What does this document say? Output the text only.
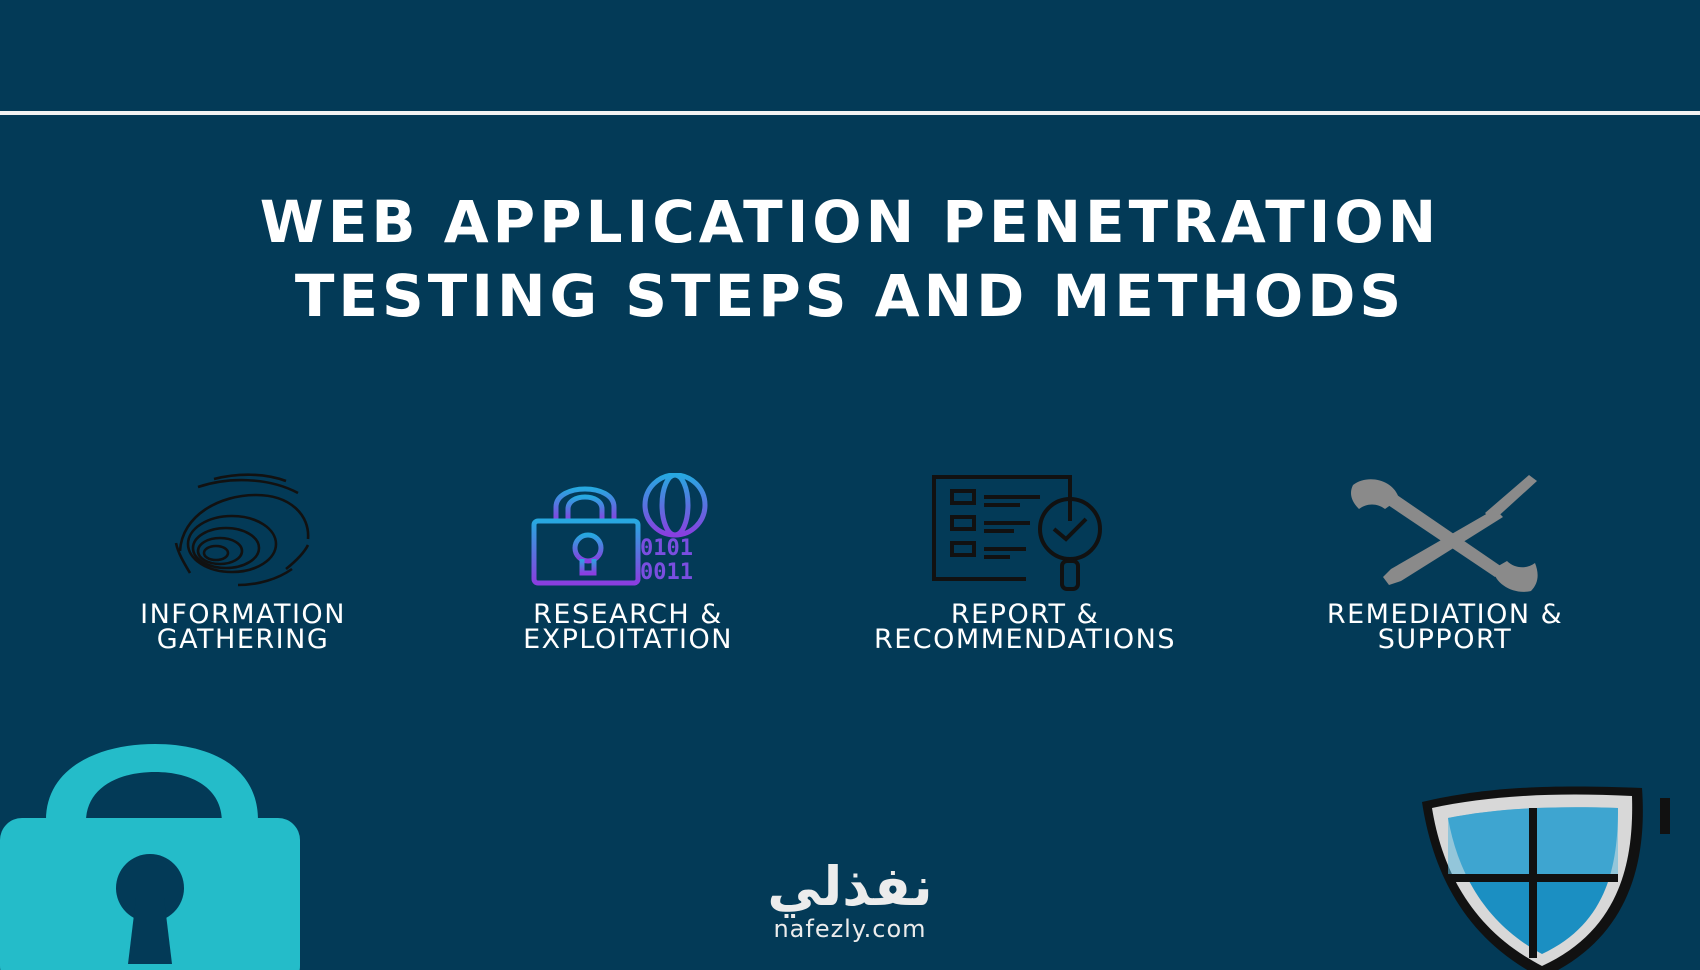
WEB APPLICATION PENETRATION
TESTING STEPS AND METHODS
INFORMATION
GATHERING
0101
0011
RESEARCH &
EXPLOITATION
REPORT &
RECOMMENDATIONS
REMEDIATION &
SUPPORT
نفذلي
nafezly.com
